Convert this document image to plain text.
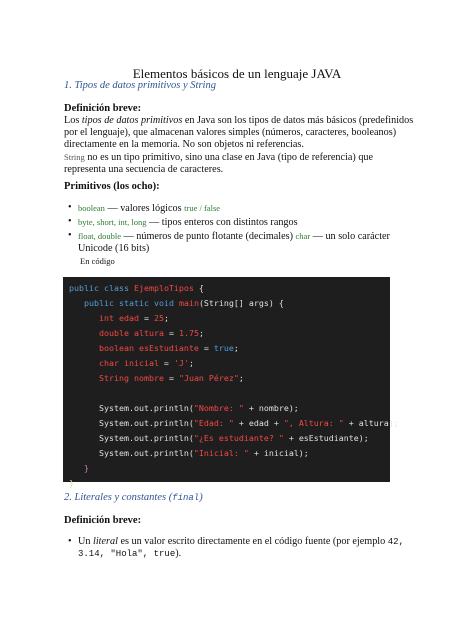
Elementos básicos de un lenguaje JAVA
1. Tipos de datos primitivos y String
Definición breve:
Los tipos de datos primitivos en Java son los tipos de datos más básicos (predefinidos por el lenguaje), que almacenan valores simples (números, caracteres, booleanos) directamente en la memoria. No son objetos ni referencias.
String no es un tipo primitivo, sino una clase en Java (tipo de referencia) que representa una secuencia de caracteres.
Primitivos (los ocho):
• boolean — valores lógicos true / false
• byte, short, int, long — tipos enteros con distintos rangos
• float, double — números de punto flotante (decimales) char — un solo carácter Unicode (16 bits)
En código
public class EjemploTipos {
public static void main(String[] args) {
int edad = 25;
double altura = 1.75;
boolean esEstudiante = true;
char inicial = 'J';
String nombre = "Juan Pérez";

System.out.println("Nombre: " + nombre);
System.out.println("Edad: " + edad + ", Altura: " + altura);
System.out.println("¿Es estudiante? " + esEstudiante);
System.out.println("Inicial: " + inicial);
}
}
2. Literales y constantes (final)
Definición breve:
• Un literal es un valor escrito directamente en el código fuente (por ejemplo 42, 3.14, "Hola", true).
